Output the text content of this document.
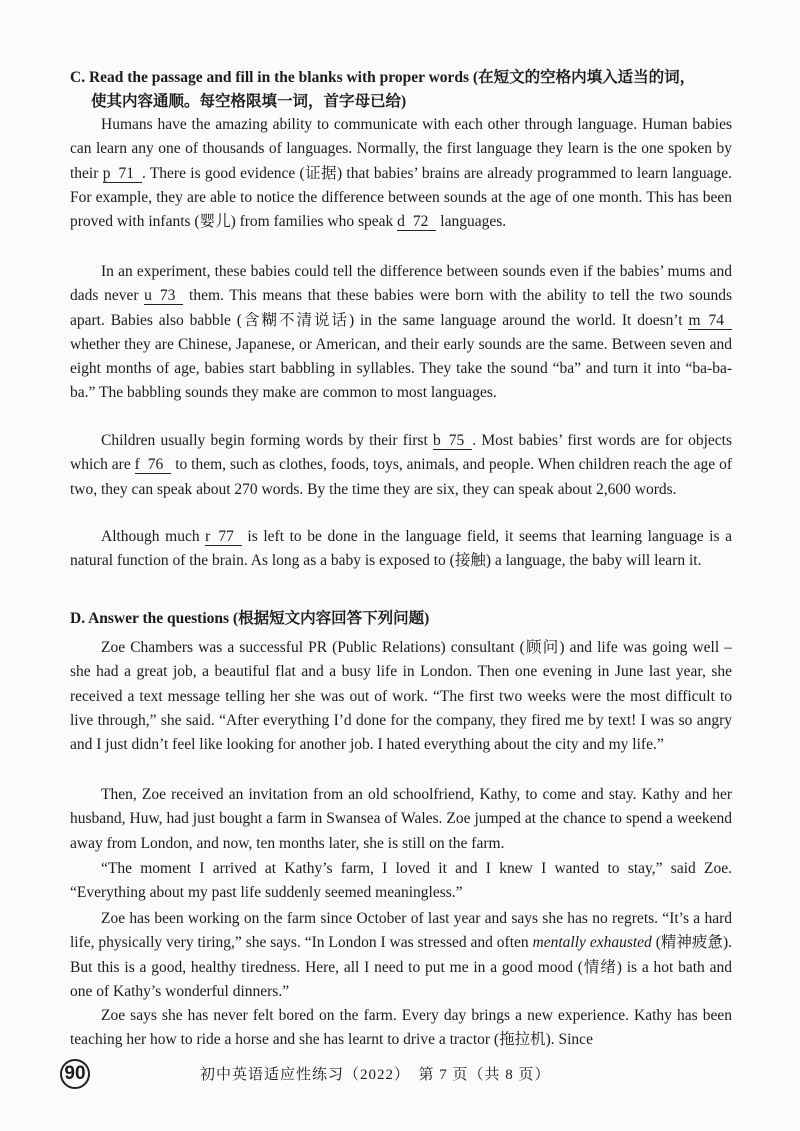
C. Read the passage and fill in the blanks with proper words (在短文的空格内填入适当的词，
使其内容通顺。每空格限填一词，首字母已给)
Humans have the amazing ability to communicate with each other through language. Human babies can learn any one of thousands of languages. Normally, the first language they learn is the one spoken by their p 71 . There is good evidence (证据) that babies’ brains are already programmed to learn language. For example, they are able to notice the difference between sounds at the age of one month. This has been proved with infants (婴儿) from families who speak d 72 languages.
In an experiment, these babies could tell the difference between sounds even if the babies’ mums and dads never u 73 them. This means that these babies were born with the ability to tell the two sounds apart. Babies also babble (含糊不清说话) in the same language around the world. It doesn’t m 74 whether they are Chinese, Japanese, or American, and their early sounds are the same. Between seven and eight months of age, babies start babbling in syllables. They take the sound “ba” and turn it into “ba-ba-ba.” The babbling sounds they make are common to most languages.
Children usually begin forming words by their first b 75 . Most babies’ first words are for objects which are f 76 to them, such as clothes, foods, toys, animals, and people. When children reach the age of two, they can speak about 270 words. By the time they are six, they can speak about 2,600 words.
Although much r 77 is left to be done in the language field, it seems that learning language is a natural function of the brain. As long as a baby is exposed to (接触) a language, the baby will learn it.
D. Answer the questions (根据短文内容回答下列问题)
Zoe Chambers was a successful PR (Public Relations) consultant (顾问) and life was going well – she had a great job, a beautiful flat and a busy life in London. Then one evening in June last year, she received a text message telling her she was out of work. “The first two weeks were the most difficult to live through,” she said. “After everything I’d done for the company, they fired me by text! I was so angry and I just didn’t feel like looking for another job. I hated everything about the city and my life.”
Then, Zoe received an invitation from an old schoolfriend, Kathy, to come and stay. Kathy and her husband, Huw, had just bought a farm in Swansea of Wales. Zoe jumped at the chance to spend a weekend away from London, and now, ten months later, she is still on the farm.
“The moment I arrived at Kathy’s farm, I loved it and I knew I wanted to stay,” said Zoe. “Everything about my past life suddenly seemed meaningless.”
Zoe has been working on the farm since October of last year and says she has no regrets. “It’s a hard life, physically very tiring,” she says. “In London I was stressed and often mentally exhausted (精神疲惫). But this is a good, healthy tiredness. Here, all I need to put me in a good mood (情绪) is a hot bath and one of Kathy’s wonderful dinners.”
Zoe says she has never felt bored on the farm. Every day brings a new experience. Kathy has been teaching her how to ride a horse and she has learnt to drive a tractor (拖拉机). Since
90	初中英语适应性练习（2022）　第 7 页（共 8 页）
